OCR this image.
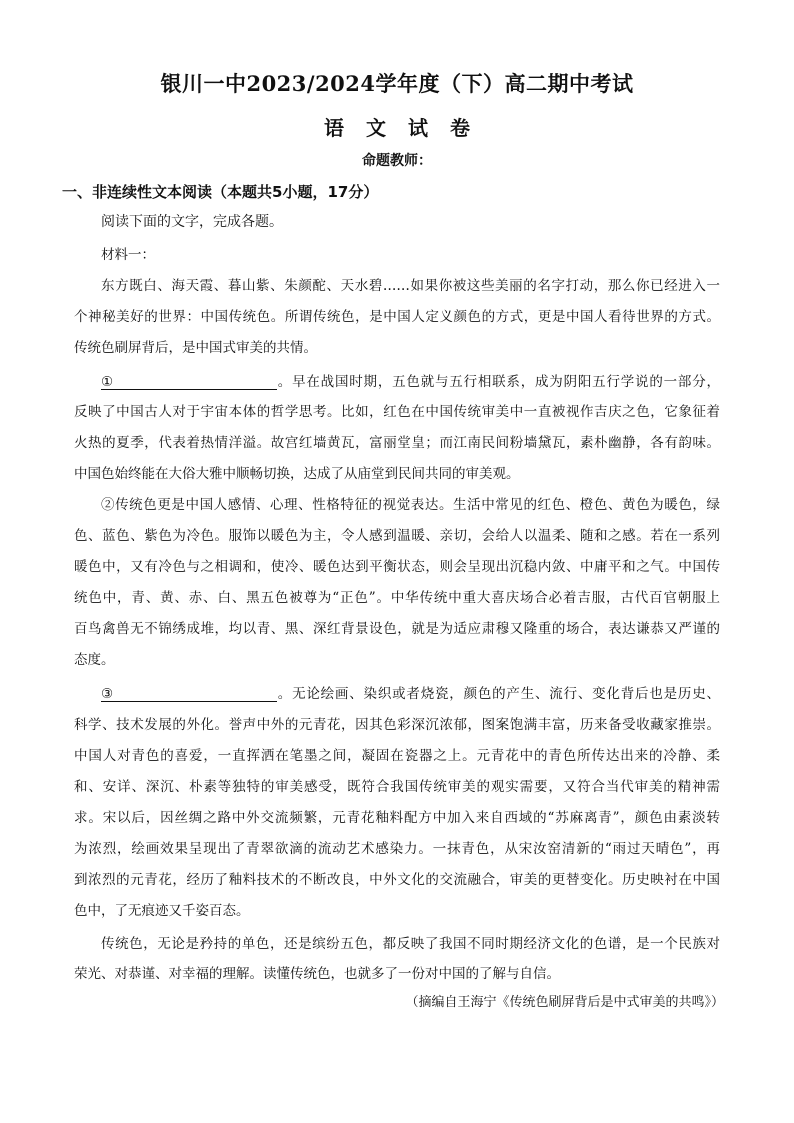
银川一中2023/2024学年度（下）高二期中考试
语文试卷
命题教师：
一、非连续性文本阅读（本题共5小题，17分）
阅读下面的文字，完成各题。
材料一：
东方既白、海天霞、暮山紫、朱颜酡、天水碧……如果你被这些美丽的名字打动，那么你已经进入一
个神秘美好的世界：中国传统色。所谓传统色，是中国人定义颜色的方式，更是中国人看待世界的方式。
传统色刷屏背后，是中国式审美的共情。
①	。早在战国时期，五色就与五行相联系，成为阴阳五行学说的一部分，
反映了中国古人对于宇宙本体的哲学思考。比如，红色在中国传统审美中一直被视作吉庆之色，它象征着
火热的夏季，代表着热情洋溢。故宫红墙黄瓦，富丽堂皇；而江南民间粉墙黛瓦，素朴幽静，各有韵味。
中国色始终能在大俗大雅中顺畅切换，达成了从庙堂到民间共同的审美观。
②传统色更是中国人感情、心理、性格特征的视觉表达。生活中常见的红色、橙色、黄色为暖色，绿
色、蓝色、紫色为冷色。服饰以暖色为主，令人感到温暖、亲切，会给人以温柔、随和之感。若在一系列
暖色中，又有冷色与之相调和，使冷、暖色达到平衡状态，则会呈现出沉稳内敛、中庸平和之气。中国传
统色中，青、黄、赤、白、黑五色被尊为“正色”。中华传统中重大喜庆场合必着吉服，古代百官朝服上
百鸟禽兽无不锦绣成堆，均以青、黑、深红背景设色，就是为适应肃穆又隆重的场合，表达谦恭又严谨的
态度。
③	。无论绘画、染织或者烧瓷，颜色的产生、流行、变化背后也是历史、
科学、技术发展的外化。誉声中外的元青花，因其色彩深沉浓郁，图案饱满丰富，历来备受收藏家推崇。
中国人对青色的喜爱，一直挥洒在笔墨之间，凝固在瓷器之上。元青花中的青色所传达出来的冷静、柔
和、安详、深沉、朴素等独特的审美感受，既符合我国传统审美的观实需要，又符合当代审美的精神需
求。宋以后，因丝绸之路中外交流频繁，元青花釉料配方中加入来自西域的“苏麻离青”，颜色由素淡转
为浓烈，绘画效果呈现出了青翠欲滴的流动艺术感染力。一抹青色，从宋汝窑清新的“雨过天晴色”，再
到浓烈的元青花，经历了釉料技术的不断改良，中外文化的交流融合，审美的更替变化。历史映衬在中国
色中，了无痕迹又千姿百态。
传统色，无论是矜持的单色，还是缤纷五色，都反映了我国不同时期经济文化的色谱，是一个民族对
荣光、对恭谨、对幸福的理解。读懂传统色，也就多了一份对中国的了解与自信。
（摘编自王海宁《传统色刷屏背后是中式审美的共鸣》）
